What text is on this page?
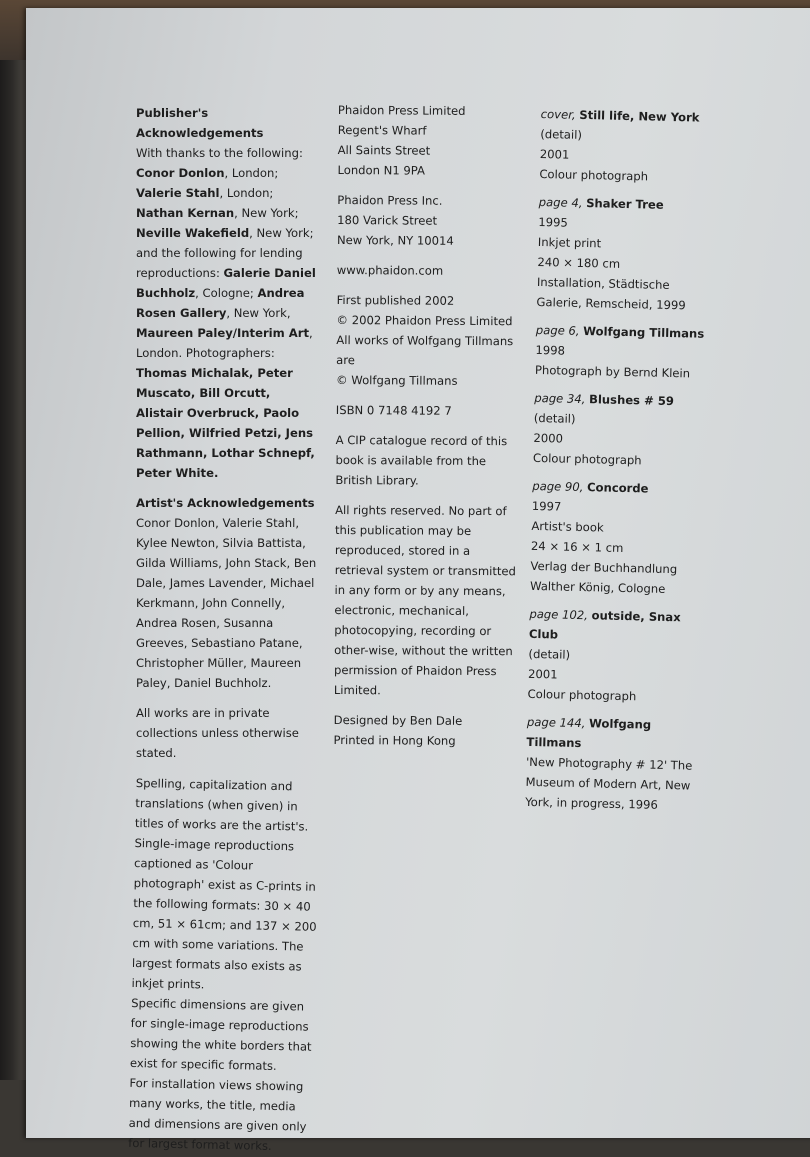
Publisher's Acknowledgements

With thanks to the following:
Conor Donlon, London; Valerie Stahl, London; Nathan Kernan, New York; Neville Wakefield, New York; and the following for lending reproductions: Galerie Daniel Buchholz, Cologne; Andrea Rosen Gallery, New York, Maureen Paley/Interim Art, London. Photographers: Thomas Michalak, Peter Muscato, Bill Orcutt, Alistair Overbruck, Paolo Pellion, Wilfried Petzi, Jens Rathmann, Lothar Schnepf, Peter White.

Artist's Acknowledgements

Conor Donlon, Valerie Stahl, Kylee Newton, Silvia Battista, Gilda Williams, John Stack, Ben Dale, James Lavender, Michael Kerkmann, John Connelly, Andrea Rosen, Susanna Greeves, Sebastiano Patane, Christopher Müller, Maureen Paley, Daniel Buchholz.

All works are in private collections unless otherwise stated.

Spelling, capitalization and translations (when given) in titles of works are the artist's.

Single-image reproductions captioned as 'Colour photograph' exist as C-prints in the following formats: 30 × 40 cm, 51 × 61cm; and 137 × 200 cm with some variations. The largest formats also exists as inkjet prints.

Specific dimensions are given for single-image reproductions showing the white borders that exist for specific formats.

For installation views showing many works, the title, media and dimensions are given only for largest format works.

Phaidon Press Limited
Regent's Wharf
All Saints Street
London N1 9PA

Phaidon Press Inc.
180 Varick Street
New York, NY 10014

www.phaidon.com

First published 2002
© 2002 Phaidon Press Limited
All works of Wolfgang Tillmans are
© Wolfgang Tillmans

ISBN 0 7148 4192 7

A CIP catalogue record of this book is available from the British Library.

All rights reserved. No part of this publication may be reproduced, stored in a retrieval system or transmitted in any form or by any means, electronic, mechanical, photocopying, recording or other-wise, without the written permission of Phaidon Press Limited.

Designed by Ben Dale
Printed in Hong Kong

cover, Still life, New York (detail)
2001
Colour photograph

page 4, Shaker Tree
1995
Inkjet print
240 × 180 cm
Installation, Städtische Galerie, Remscheid, 1999

page 6, Wolfgang Tillmans
1998
Photograph by Bernd Klein

page 34, Blushes # 59 (detail)
2000
Colour photograph

page 90, Concorde
1997
Artist's book
24 × 16 × 1 cm
Verlag der Buchhandlung Walther König, Cologne

page 102, outside, Snax Club
(detail)
2001
Colour photograph

page 144, Wolfgang Tillmans
'New Photography # 12' The Museum of Modern Art, New York, in progress, 1996
